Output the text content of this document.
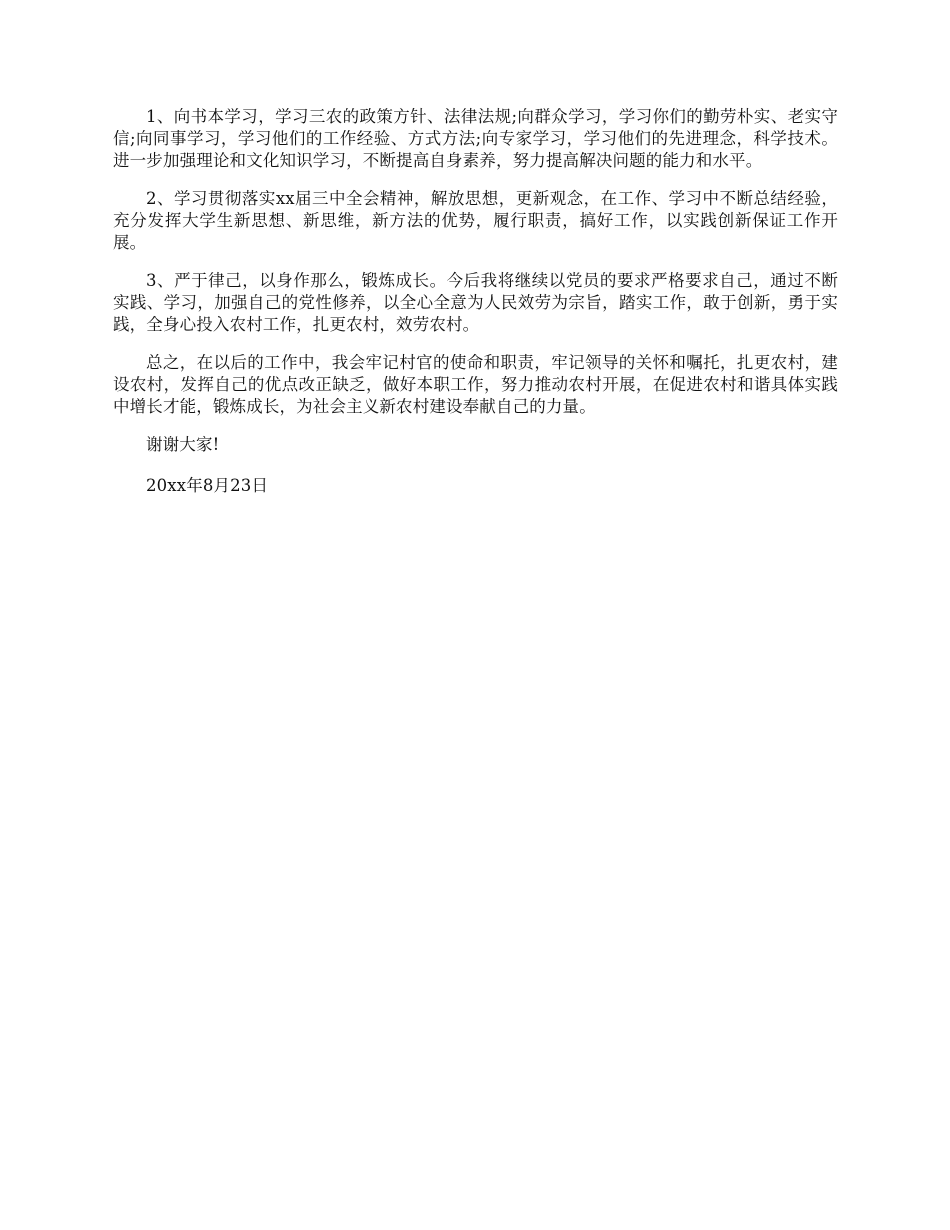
1、向书本学习，学习三农的政策方针、法律法规;向群众学习，学习你们的勤劳朴实、老实守信;向同事学习，学习他们的工作经验、方式方法;向专家学习，学习他们的先进理念，科学技术。进一步加强理论和文化知识学习，不断提高自身素养，努力提高解决问题的能力和水平。

2、学习贯彻落实xx届三中全会精神，解放思想，更新观念，在工作、学习中不断总结经验，充分发挥大学生新思想、新思维，新方法的优势，履行职责，搞好工作，以实践创新保证工作开展。

3、严于律己，以身作那么，锻炼成长。今后我将继续以党员的要求严格要求自己，通过不断实践、学习，加强自己的党性修养，以全心全意为人民效劳为宗旨，踏实工作，敢于创新，勇于实践，全身心投入农村工作，扎更农村，效劳农村。

总之，在以后的工作中，我会牢记村官的使命和职责，牢记领导的关怀和嘱托，扎更农村，建设农村，发挥自己的优点改正缺乏，做好本职工作，努力推动农村开展，在促进农村和谐具体实践中增长才能，锻炼成长，为社会主义新农村建设奉献自己的力量。

谢谢大家!

20xx年8月23日
